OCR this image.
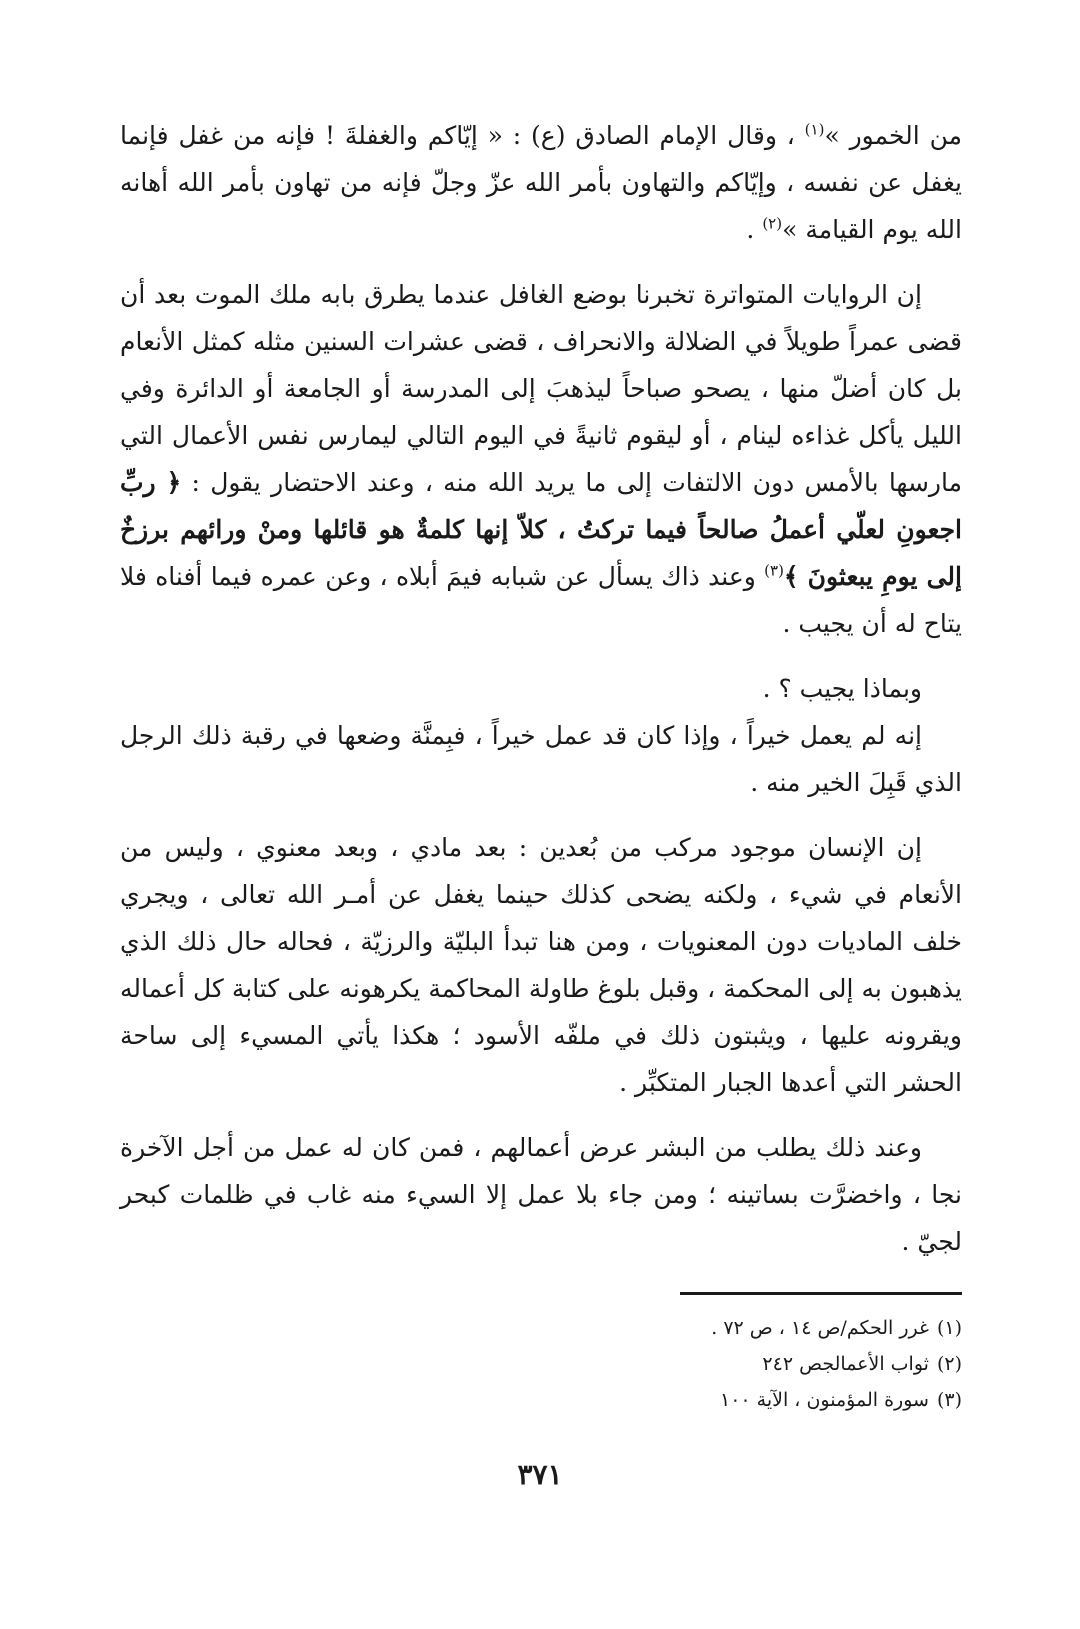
من الخمور »$^{(١)}$ ، وقال الإمام الصادق (ع) : « إيّاكم والغفلةَ ! فإنه من غفل فإنما يغفل عن نفسه ، وإيّاكم والتهاون بأمر الله عزّ وجلّ فإنه من تهاون بأمر الله أهانه الله يوم القيامة »$^{(٢)}$ .

إن الروايات المتواترة تخبرنا بوضع الغافل عندما يطرق بابه ملك الموت بعد أن قضى عمراً طويلاً في الضلالة والانحراف ، قضى عشرات السنين مثله كمثل الأنعام بل كان أضلّ منها ، يصحو صباحاً ليذهبَ إلى المدرسة أو الجامعة أو الدائرة وفي الليل يأكل غذاءه لينام ، أو ليقوم ثانيةً في اليوم التالي ليمارس نفس الأعمال التي مارسها بالأمس دون الالتفات إلى ما يريد الله منه ، وعند الاحتضار يقول : ﴿ ربِّ اجعونِ لعلّي أعملُ صالحاً فيما تركتُ ، كلاّ إنها كلمةٌ هو قائلها ومنْ ورائهم برزخٌ إلى يومِ يبعثونَ ﴾$^{(٣)}$ وعند ذاك يسأل عن شبابه فيمَ أبلاه ، وعن عمره فيما أفناه فلا يتاح له أن يجيب .

وبماذا يجيب ؟ .

إنه لم يعمل خيراً ، وإذا كان قد عمل خيراً ، فبِمنَّة وضعها في رقبة ذلك الرجل الذي قَبِلَ الخير منه .

إن الإنسان موجود مركب من بُعدين : بعد مادي ، وبعد معنوي ، وليس من الأنعام في شيء ، ولكنه يضحى كذلك حينما يغفل عن أمـر الله تعالى ، ويجري خلف الماديات دون المعنويات ، ومن هنا تبدأ البليّة والرزيّة ، فحاله حال ذلك الذي يذهبون به إلى المحكمة ، وقبل بلوغ طاولة المحاكمة يكرهونه على كتابة كل أعماله ويقرونه عليها ، ويثبتون ذلك في ملفّه الأسود ؛ هكذا يأتي المسيء إلى ساحة الحشر التي أعدها الجبار المتكبِّر .

وعند ذلك يطلب من البشر عرض أعمالهم ، فمن كان له عمل من أجل الآخرة نجا ، واخضرَّت بساتينه ؛ ومن جاء بلا عمل إلا السيء منه غاب في ظلمات كبحر لجيّ .

(١)غرر الحكم/ص ١٤ ، ص ٧٢ .

(٢)ثواب الأعمالجص ٢٤٢

(٣)سورة المؤمنون ، الآية ١٠٠

٣٧١
